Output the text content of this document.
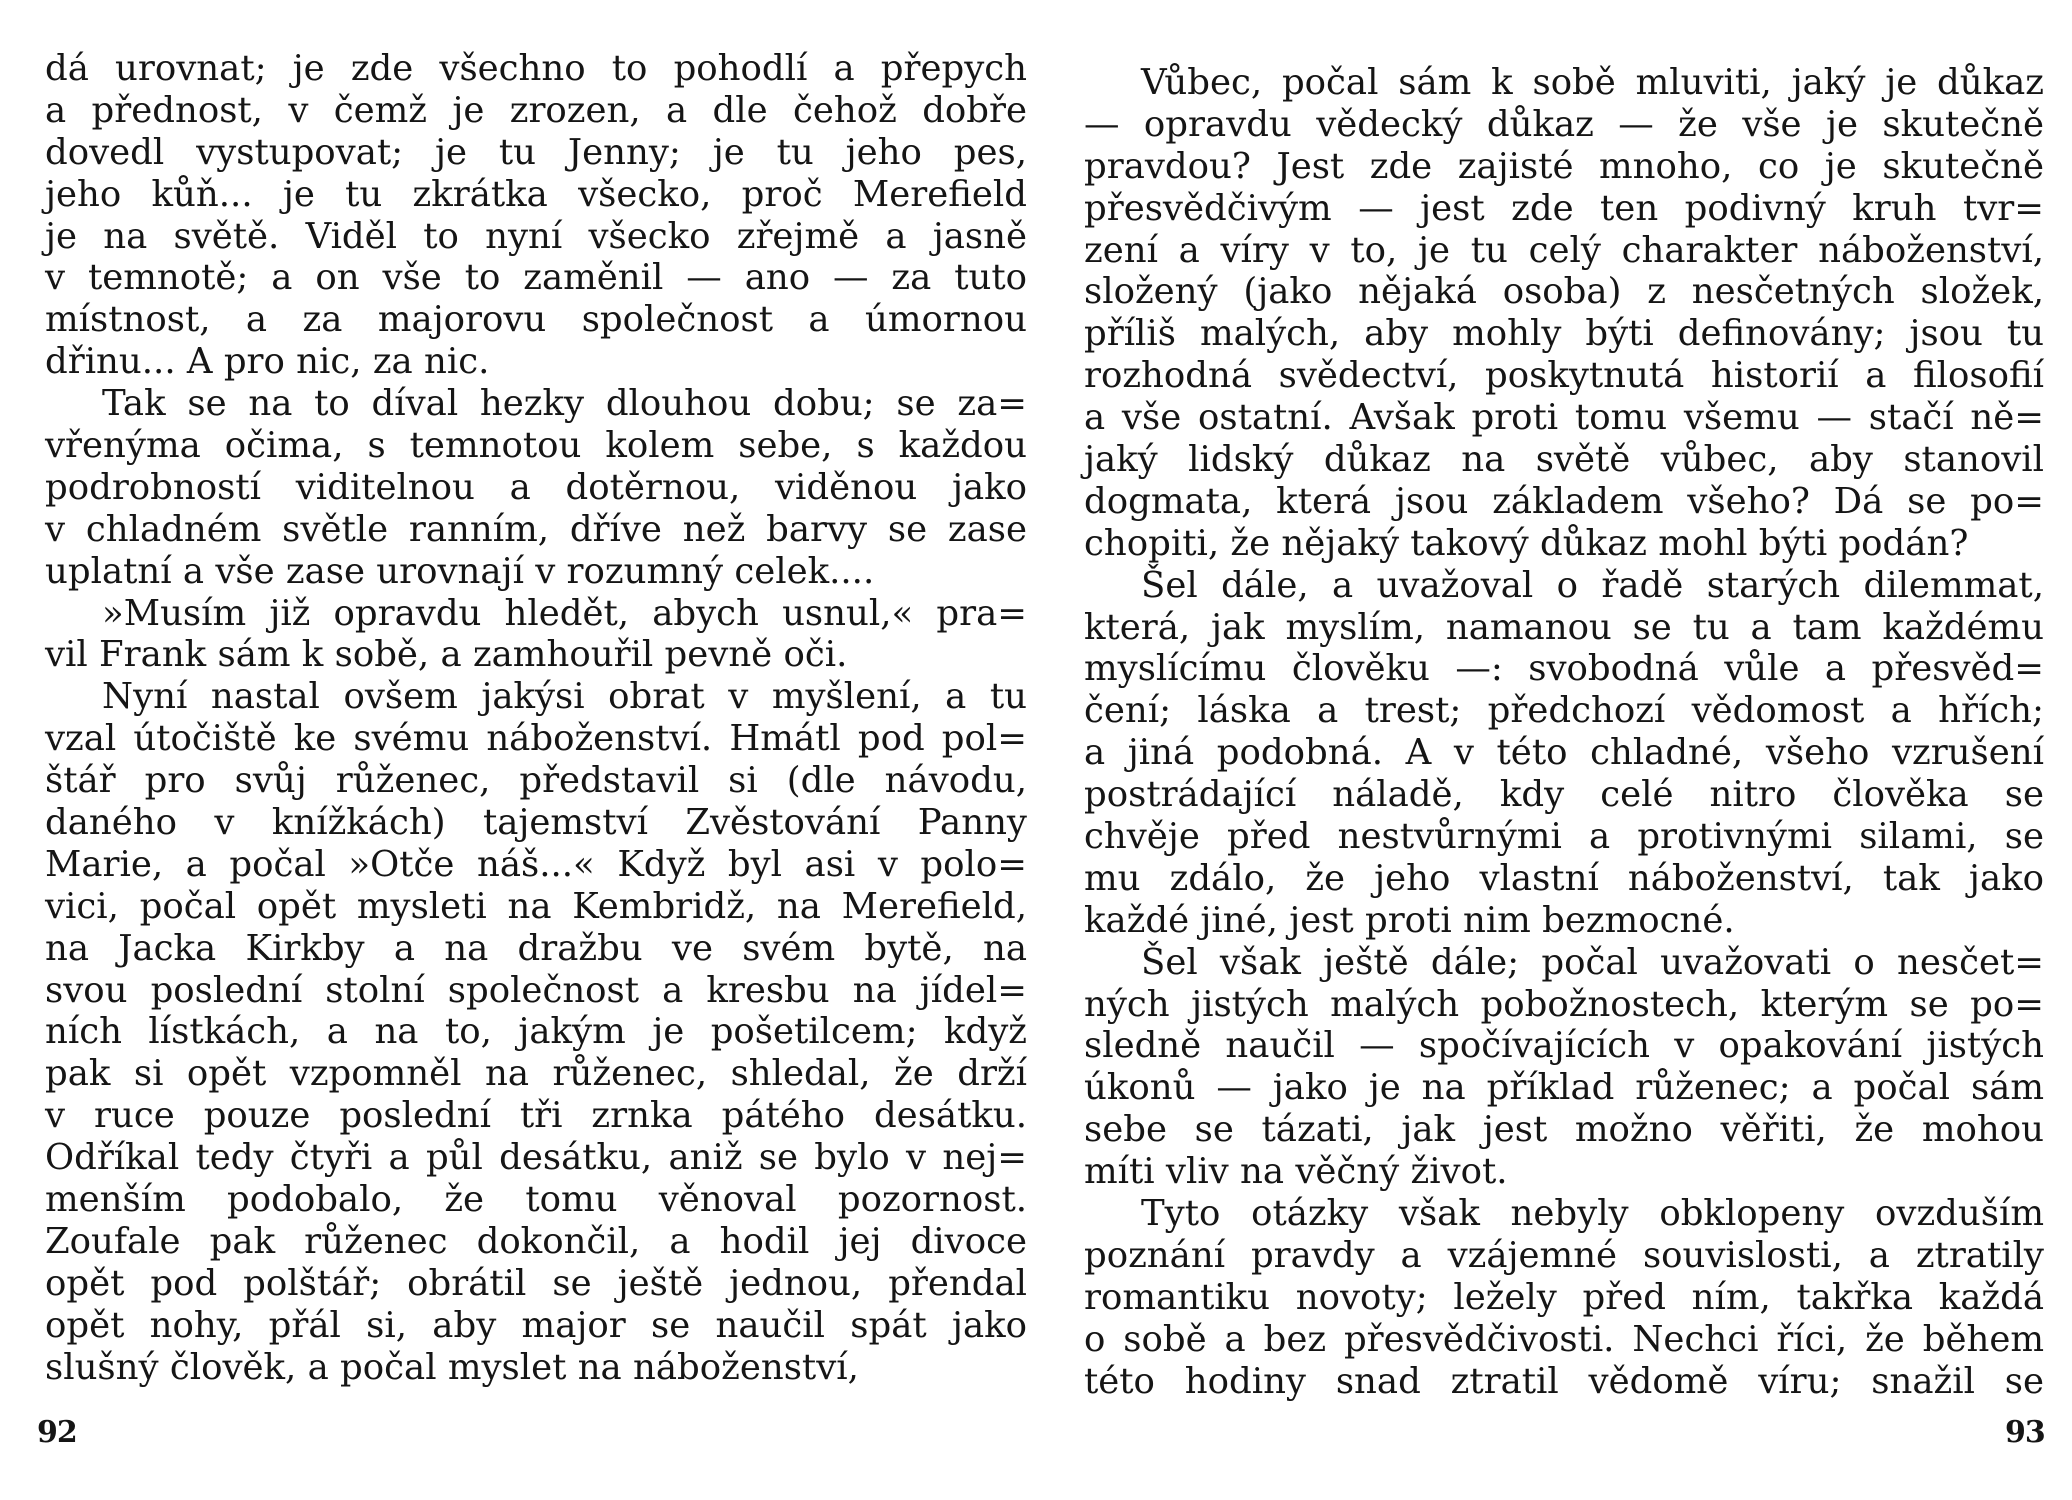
dá urovnat; je zde všechno to pohodlí a přepych
a přednost, v čemž je zrozen, a dle čehož dobře
dovedl vystupovat; je tu Jenny; je tu jeho pes,
jeho kůň... je tu zkrátka všecko, proč Merefield
je na světě. Viděl to nyní všecko zřejmě a jasně
v temnotě; a on vše to zaměnil — ano — za tuto
místnost, a za majorovu společnost a úmornou
dřinu... A pro nic, za nic.
Tak se na to díval hezky dlouhou dobu; se za=
vřenýma očima, s temnotou kolem sebe, s každou
podrobností viditelnou a dotěrnou, viděnou jako
v chladném světle ranním, dříve než barvy se zase
uplatní a vše zase urovnají v rozumný celek....
»Musím již opravdu hledět, abych usnul,« pra=
vil Frank sám k sobě, a zamhouřil pevně oči.
Nyní nastal ovšem jakýsi obrat v myšlení, a tu
vzal útočiště ke svému náboženství. Hmátl pod pol=
štář pro svůj růženec, představil si (dle návodu,
daného v knížkách) tajemství Zvěstování Panny
Marie, a počal »Otče náš...« Když byl asi v polo=
vici, počal opět mysleti na Kembridž, na Merefield,
na Jacka Kirkby a na dražbu ve svém bytě, na
svou poslední stolní společnost a kresbu na jídel=
ních lístkách, a na to, jakým je pošetilcem; když
pak si opět vzpomněl na růženec, shledal, že drží
v ruce pouze poslední tři zrnka pátého desátku.
Odříkal tedy čtyři a půl desátku, aniž se bylo v nej=
menším podobalo, že tomu věnoval pozornost.
Zoufale pak růženec dokončil, a hodil jej divoce
opět pod polštář; obrátil se ještě jednou, přendal
opět nohy, přál si, aby major se naučil spát jako
slušný člověk, a počal myslet na náboženství,
92
Vůbec, počal sám k sobě mluviti, jaký je důkaz
— opravdu vědecký důkaz — že vše je skutečně
pravdou? Jest zde zajisté mnoho, co je skutečně
přesvědčivým — jest zde ten podivný kruh tvr=
zení a víry v to, je tu celý charakter náboženství,
složený (jako nějaká osoba) z nesčetných složek,
příliš malých, aby mohly býti definovány; jsou tu
rozhodná svědectví, poskytnutá historií a filosofií
a vše ostatní. Avšak proti tomu všemu — stačí ně=
jaký lidský důkaz na světě vůbec, aby stanovil
dogmata, která jsou základem všeho? Dá se po=
chopiti, že nějaký takový důkaz mohl býti podán?
Šel dále, a uvažoval o řadě starých dilemmat,
která, jak myslím, namanou se tu a tam každému
myslícímu člověku —: svobodná vůle a přesvěd=
čení; láska a trest; předchozí vědomost a hřích;
a jiná podobná. A v této chladné, všeho vzrušení
postrádající náladě, kdy celé nitro člověka se
chvěje před nestvůrnými a protivnými silami, se
mu zdálo, že jeho vlastní náboženství, tak jako
každé jiné, jest proti nim bezmocné.
Šel však ještě dále; počal uvažovati o nesčet=
ných jistých malých pobožnostech, kterým se po=
sledně naučil — spočívajících v opakování jistých
úkonů — jako je na příklad růženec; a počal sám
sebe se tázati, jak jest možno věřiti, že mohou
míti vliv na věčný život.
Tyto otázky však nebyly obklopeny ovzduším
poznání pravdy a vzájemné souvislosti, a ztratily
romantiku novoty; ležely před ním, takřka každá
o sobě a bez přesvědčivosti. Nechci říci, že během
této hodiny snad ztratil vědomě víru; snažil se
93
